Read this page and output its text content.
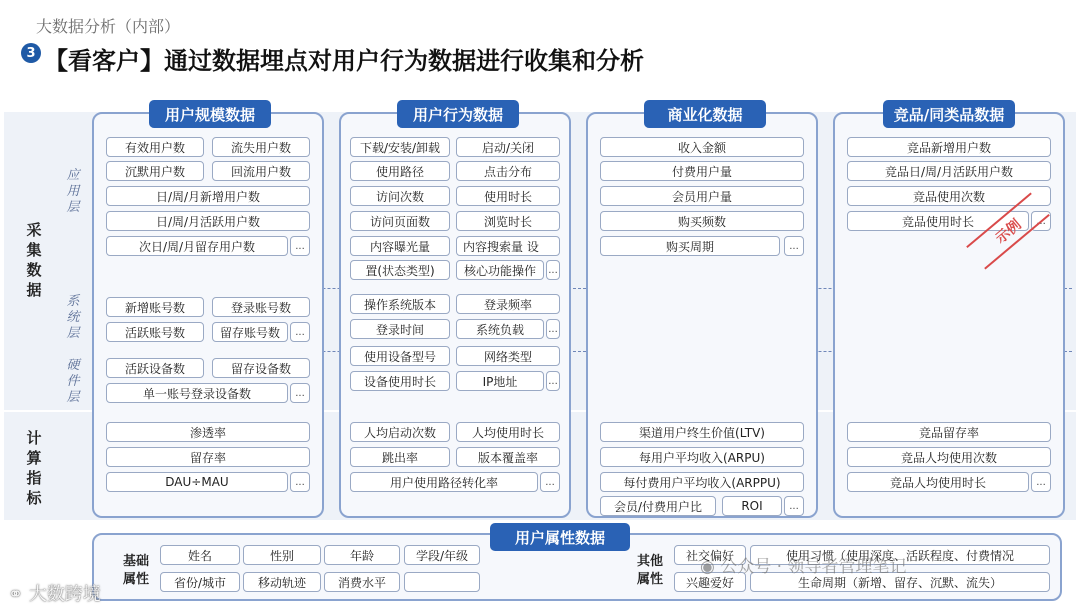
大数据分析（内部）
3 【看客户】通过数据埋点对用户行为数据进行收集和分析
采
集
数
据
计
算
指
标
应
用
层
系
统
层
硬
件
层
用户规模数据
有效用户数	流失用户数
沉默用户数	回流用户数
日/周/月新增用户数
日/周/月活跃用户数
次日/周/月留存用户数	...
新增账号数	登录账号数
活跃账号数	留存账号数	...
活跃设备数	留存设备数
单一账号登录设备数	...
渗透率
留存率
DAU÷MAU	...
用户行为数据
下载/安装/卸载	启动/关闭
使用路径	点击分布
访问次数	使用时长
访问页面数	浏览时长
内容曝光量	内容搜索量 设
置(状态类型)	核心功能操作	...
操作系统版本	登录频率
登录时间	系统负载	...
使用设备型号	网络类型
设备使用时长	IP地址	...
人均启动次数	人均使用时长
跳出率	版本覆盖率
用户使用路径转化率	...
商业化数据
收入金额
付费用户量
会员用户量
购买频数
购买周期	...
渠道用户终生价值(LTV)
每用户平均收入(ARPU)
每付费用户平均收入(ARPPU)
会员/付费用户比	ROI	...
竞品/同类品数据
竞品新增用户数
竞品日/周/月活跃用户数
竞品使用次数
竞品使用时长	...
竞品留存率
竞品人均使用次数
竞品人均使用时长	...
示例
用户属性数据
基础
属性
姓名	性别	年龄	学段/年级
省份/城市	移动轨迹	消费水平
其他
属性
社交偏好	使用习惯（使用深度、活跃程度、付费情况
兴趣爱好	生命周期（新增、留存、沉默、流失）
⚭ 大数跨境
◉ 公众号 · 领导者管理笔记
